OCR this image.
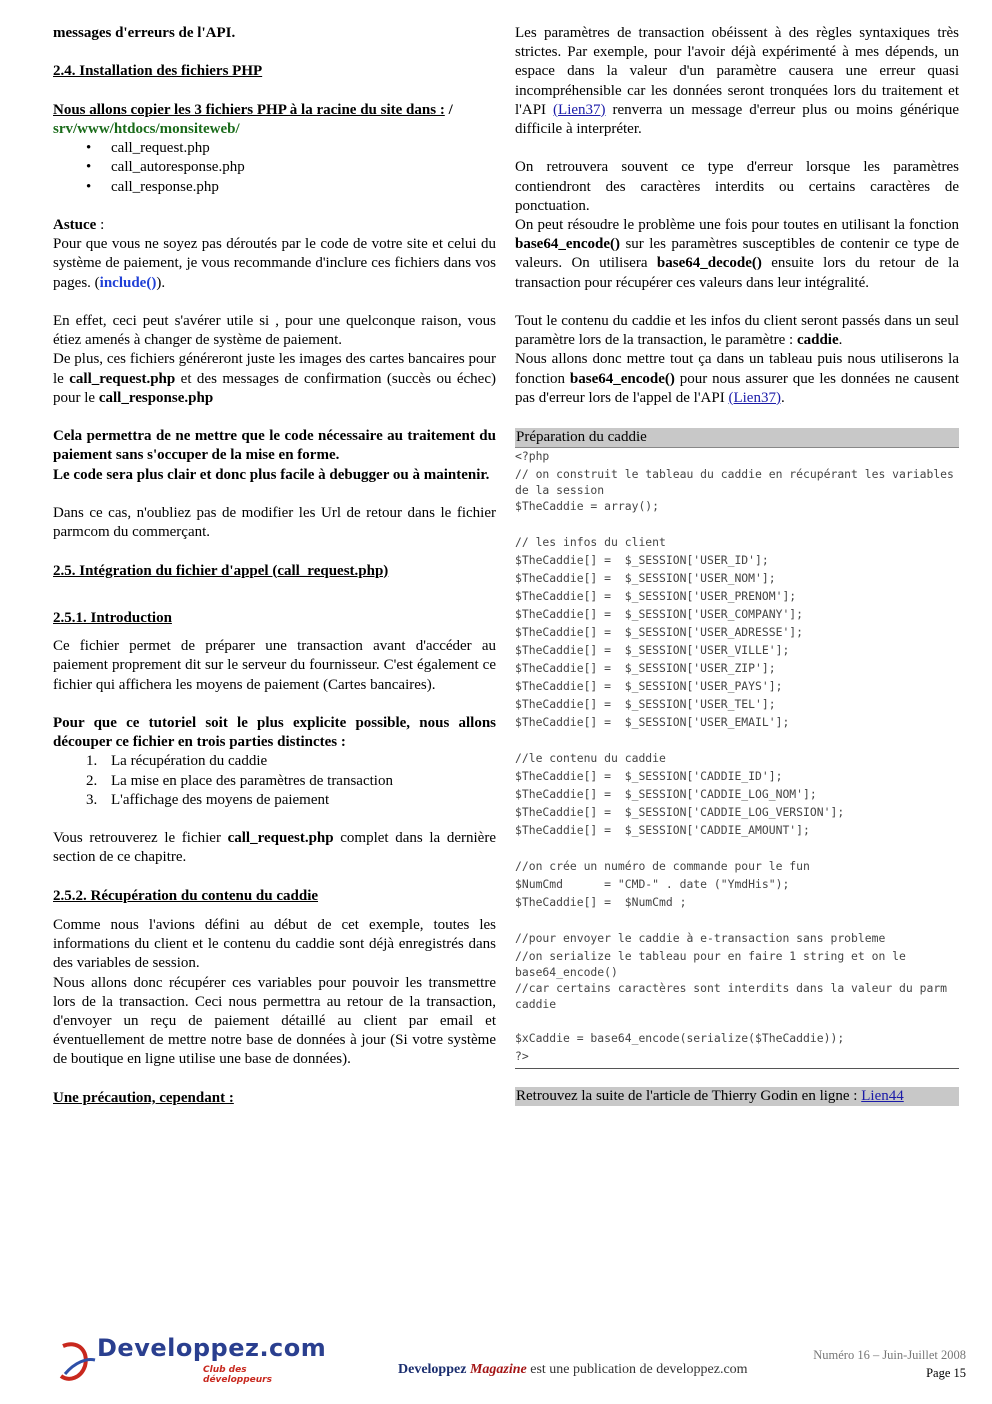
messages d'erreurs de l'API.

2.4. Installation des fichiers PHP

Nous allons copier les 3 fichiers PHP à la racine du site dans : /
srv/www/htdocs/monsiteweb/

• call_request.php
• call_autoresponse.php
• call_response.php

Astuce :

Pour que vous ne soyez pas déroutés par le code de votre site et celui du système de paiement, je vous recommande d'inclure ces fichiers dans vos pages. (include()).

En effet, ceci peut s'avérer utile si , pour une quelconque raison, vous étiez amenés à changer de système de paiement.

De plus, ces fichiers généreront juste les images des cartes bancaires pour le call_request.php et des messages de confirmation (succès ou échec) pour le call_response.php

Cela permettra de ne mettre que le code nécessaire au traitement du paiement sans s'occuper de la mise en forme.

Le code sera plus clair et donc plus facile à debugger ou à maintenir.

Dans ce cas, n'oubliez pas de modifier les Url de retour dans le fichier parmcom du commerçant.

2.5. Intégration du fichier d'appel (call_request.php)

2.5.1. Introduction

Ce fichier permet de préparer une transaction avant d'accéder au paiement proprement dit sur le serveur du fournisseur. C'est également ce fichier qui affichera les moyens de paiement (Cartes bancaires).

Pour que ce tutoriel soit le plus explicite possible, nous allons découper ce fichier en trois parties distinctes :

1. La récupération du caddie
2. La mise en place des paramètres de transaction
3. L'affichage des moyens de paiement

Vous retrouverez le fichier call_request.php complet dans la dernière section de ce chapitre.

2.5.2. Récupération du contenu du caddie

Comme nous l'avions défini au début de cet exemple, toutes les informations du client et le contenu du caddie sont déjà enregistrés dans des variables de session.

Nous allons donc récupérer ces variables pour pouvoir les transmettre lors de la transaction. Ceci nous permettra au retour de la transaction, d'envoyer un reçu de paiement détaillé au client par email et éventuellement de mettre notre base de données à jour (Si votre système de boutique en ligne utilise une base de données).

Une précaution, cependant :

Les paramètres de transaction obéissent à des règles syntaxiques très strictes. Par exemple, pour l'avoir déjà expérimenté à mes dépends, un espace dans la valeur d'un paramètre causera une erreur quasi incompréhensible car les données seront tronquées lors du traitement et l'API (Lien37) renverra un message d'erreur plus ou moins générique difficile à interpréter.

On retrouvera souvent ce type d'erreur lorsque les paramètres contiendront des caractères interdits ou certains caractères de ponctuation.

On peut résoudre le problème une fois pour toutes en utilisant la fonction base64_encode() sur les paramètres susceptibles de contenir ce type de valeurs. On utilisera base64_decode() ensuite lors du retour de la transaction pour récupérer ces valeurs dans leur intégralité.

Tout le contenu du caddie et les infos du client seront passés dans un seul paramètre lors de la transaction, le paramètre : caddie.

Nous allons donc mettre tout ça dans un tableau puis nous utiliserons la fonction base64_encode() pour nous assurer que les données ne causent pas d'erreur lors de l'appel de l'API (Lien37).

Préparation du caddie
<?php
// on construit le tableau du caddie en récupérant les variables de la session
$TheCaddie = array();
// les infos du client
$TheCaddie[] =  $_SESSION['USER_ID'];
$TheCaddie[] =  $_SESSION['USER_NOM'];
$TheCaddie[] =  $_SESSION['USER_PRENOM'];
$TheCaddie[] =  $_SESSION['USER_COMPANY'];
$TheCaddie[] =  $_SESSION['USER_ADRESSE'];
$TheCaddie[] =  $_SESSION['USER_VILLE'];
$TheCaddie[] =  $_SESSION['USER_ZIP'];
$TheCaddie[] =  $_SESSION['USER_PAYS'];
$TheCaddie[] =  $_SESSION['USER_TEL'];
$TheCaddie[] =  $_SESSION['USER_EMAIL'];
//le contenu du caddie
$TheCaddie[] =  $_SESSION['CADDIE_ID'];
$TheCaddie[] =  $_SESSION['CADDIE_LOG_NOM'];
$TheCaddie[] =  $_SESSION['CADDIE_LOG_VERSION'];
$TheCaddie[] =  $_SESSION['CADDIE_AMOUNT'];
//on crée un numéro de commande pour le fun
$NumCmd      = "CMD-" . date ("YmdHis");
$TheCaddie[] =  $NumCmd ;
//pour envoyer le caddie à e-transaction sans probleme
//on serialize le tableau pour en faire 1 string et on le base64_encode()
//car certains caractères sont interdits dans la valeur du parm caddie
$xCaddie = base64_encode(serialize($TheCaddie));
?>
Retrouvez la suite de l'article de Thierry Godin en ligne : Lien44
Developpez.com
Club des développeurs
Developpez Magazine est une publication de developpez.com
Numéro 16 – Juin-Juillet 2008
Page 15
